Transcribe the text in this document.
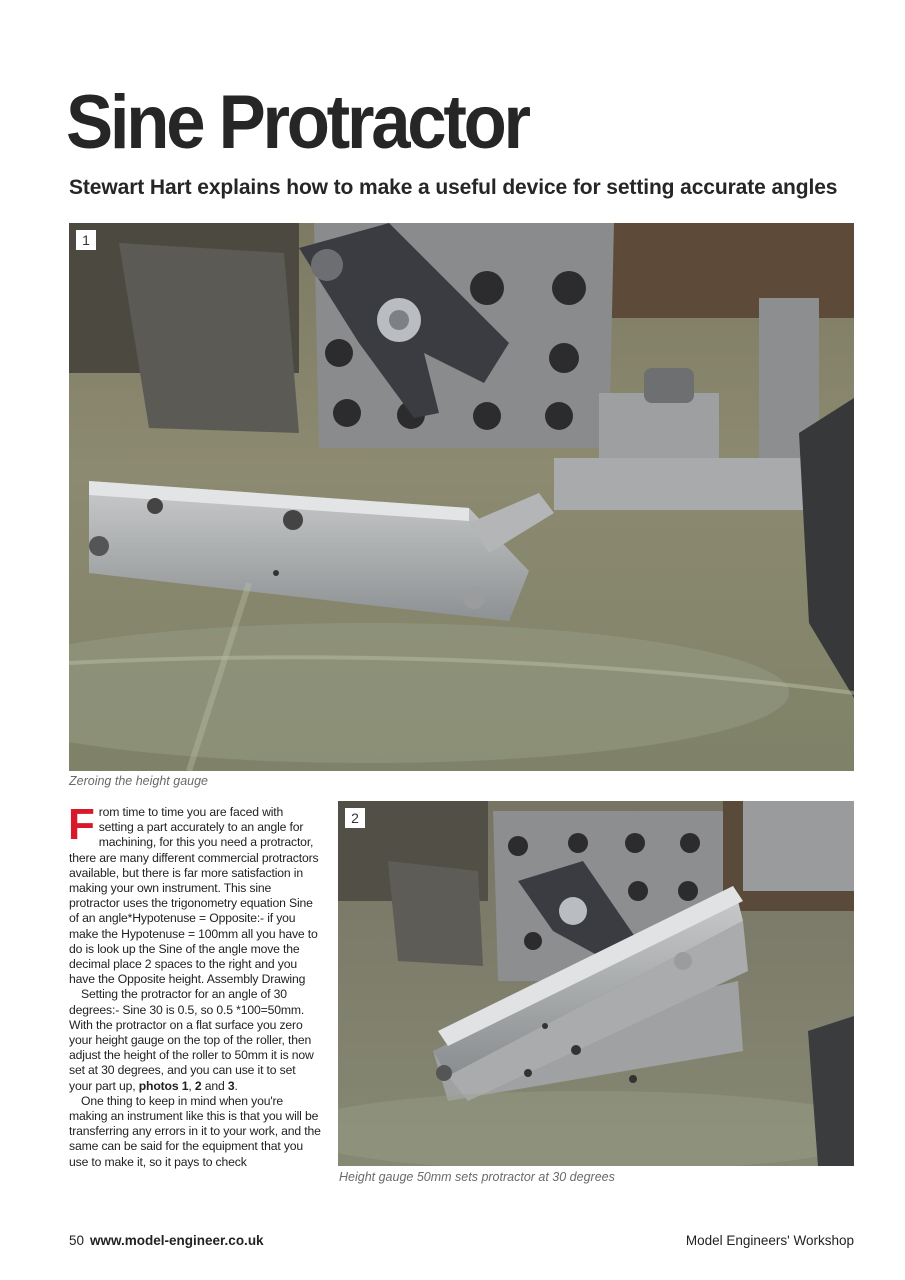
Sine Protractor
Stewart Hart explains how to make a useful device for setting accurate angles
1
Zeroing the height gauge
2
Height gauge 50mm sets protractor at 30 degrees

From time to time you are faced with setting a part accurately to an angle for machining, for this you need a protractor, there are many different commercial protractors available, but there is far more satisfaction in making your own instrument. This sine protractor uses the trigonometry equation Sine of an angle*Hypotenuse = Opposite:- if you make the Hypotenuse = 100mm all you have to do is look up the Sine of the angle move the decimal place 2 spaces to the right and you have the Opposite height. Assembly Drawing

Setting the protractor for an angle of 30 degrees:- Sine 30 is 0.5, so 0.5 *100=50mm. With the protractor on a flat surface you zero your height gauge on the top of the roller, then adjust the height of the roller to 50mm it is now set at 30 degrees, and you can use it to set your part up, photos 1, 2 and 3.

One thing to keep in mind when you're making an instrument like this is that you will be transferring any errors in it to your work, and the same can be said for the equipment that you use to make it, so it pays to check

50 www.model-engineer.co.uk	Model Engineers' Workshop
